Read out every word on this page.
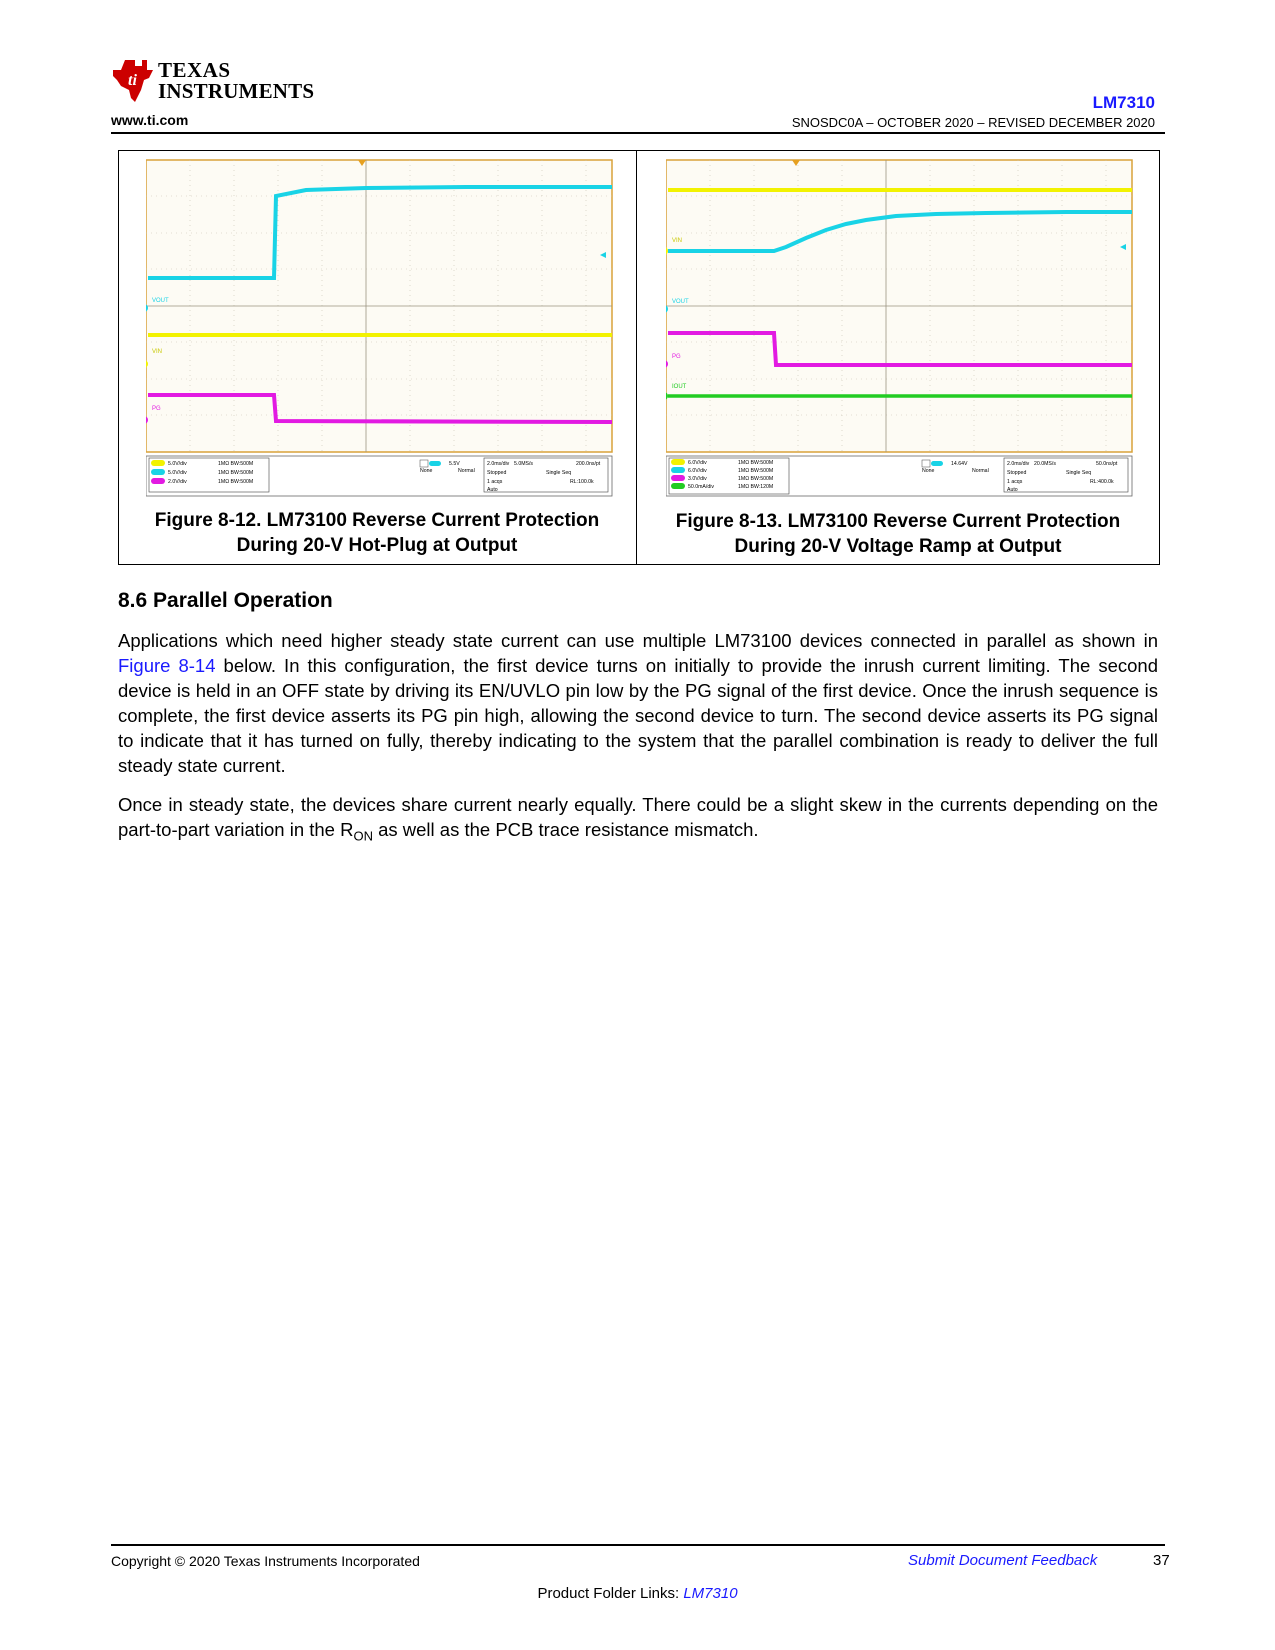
ti TEXAS
INSTRUMENTS
www.ti.com
LM7310
SNOSDC0A – OCTOBER 2020 – REVISED DECEMBER 2020
VOUT
VIN
PG
5.0V/div
5.0V/div
2.0V/div
1MΩ BW:500M
1MΩ BW:500M
1MΩ BW:500M
5.5V
None	Normal
2.0ms/div 5.0MS/s	200.0ns/pt
Stopped	Single Seq
1 acqs	RL:100.0k
Auto
Figure 8-12. LM73100 Reverse Current Protection
During 20-V Hot-Plug at Output
VIN
VOUT
PG
IOUT
6.0V/div
6.0V/div
3.0V/div
50.0mA/div
1MΩ BW:500M
1MΩ BW:500M
1MΩ BW:500M
1MΩ BW:120M
14.64V
None	Normal
2.0ms/div 20.0MS/s	50.0ns/pt
Stopped	Single Seq
1 acqs	RL:400.0k
Auto
Figure 8-13. LM73100 Reverse Current Protection
During 20-V Voltage Ramp at Output
8.6 Parallel Operation

Applications which need higher steady state current can use multiple LM73100 devices connected in parallel as shown in Figure 8-14 below. In this configuration, the first device turns on initially to provide the inrush current limiting. The second device is held in an OFF state by driving its EN/UVLO pin low by the PG signal of the first device. Once the inrush sequence is complete, the first device asserts its PG pin high, allowing the second device to turn. The second device asserts its PG signal to indicate that it has turned on fully, thereby indicating to the system that the parallel combination is ready to deliver the full steady state current.

Once in steady state, the devices share current nearly equally. There could be a slight skew in the currents depending on the part-to-part variation in the $R_{ON}$ as well as the PCB trace resistance mismatch.

Copyright © 2020 Texas Instruments Incorporated	Submit Document Feedback	37
Product Folder Links: LM7310
